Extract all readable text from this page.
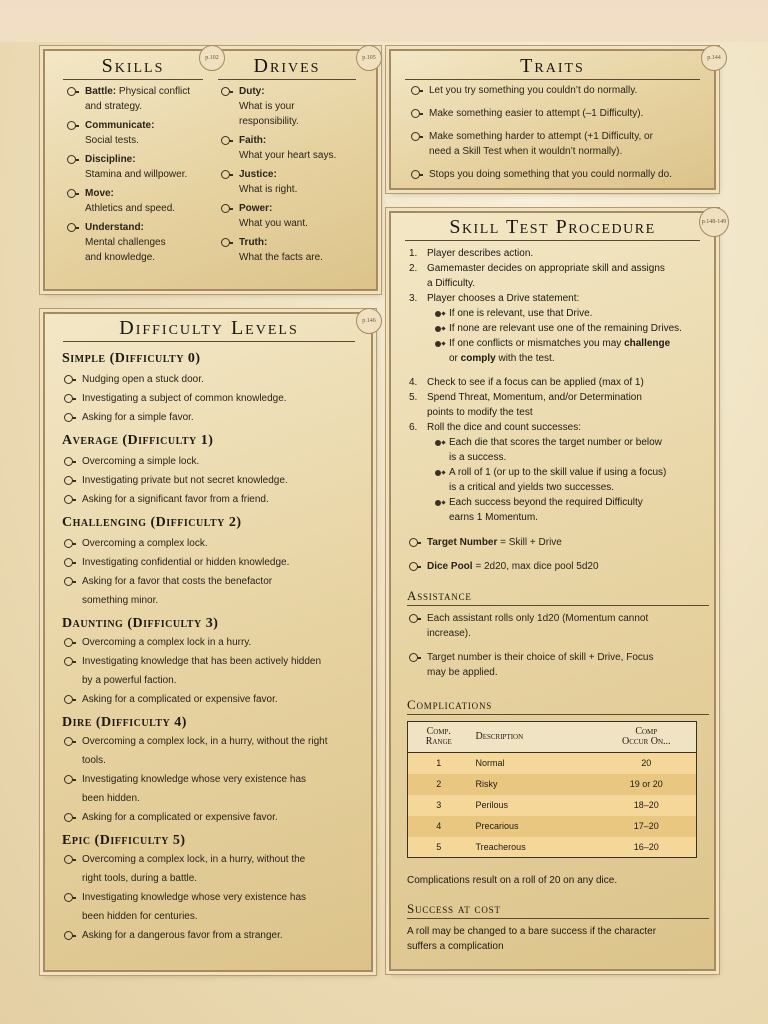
p.102	p.105
Skills	Drives
Battle: Physical conflict
and strategy.
Communicate:
Social tests.
Discipline:
Stamina and willpower.
Move:
Athletics and speed.
Understand:
Mental challenges
and knowledge.
Duty:
What is your
responsibility.
Faith:
What your heart says.
Justice:
What is right.
Power:
What you want.
Truth:
What the facts are.
p.144
Traits
Let you try something you couldn’t do normally.
Make something easier to attempt (–1 Difficulty).
Make something harder to attempt (+1 Difficulty, or
need a Skill Test when it wouldn’t normally).
Stops you doing something that you could normally do.
p.146
Difficulty Levels
Simple (Difficulty 0)
Nudging open a stuck door.
Investigating a subject of common knowledge.
Asking for a simple favor.
Average (Difficulty 1)
Overcoming a simple lock.
Investigating private but not secret knowledge.
Asking for a significant favor from a friend.
Challenging (Difficulty 2)
Overcoming a complex lock.
Investigating confidential or hidden knowledge.
Asking for a favor that costs the benefactor
something minor.
Daunting (Difficulty 3)
Overcoming a complex lock in a hurry.
Investigating knowledge that has been actively hidden
by a powerful faction.
Asking for a complicated or expensive favor.
Dire (Difficulty 4)
Overcoming a complex lock, in a hurry, without the right
tools.
Investigating knowledge whose very existence has
been hidden.
Asking for a complicated or expensive favor.
Epic (Difficulty 5)
Overcoming a complex lock, in a hurry, without the
right tools, during a battle.
Investigating knowledge whose very existence has
been hidden for centuries.
Asking for a dangerous favor from a stranger.
p.148-149
Skill Test Procedure
1. Player describes action.
2. Gamemaster decides on appropriate skill and assigns
a Difficulty.
3. Player chooses a Drive statement:
If one is relevant, use that Drive.
If none are relevant use one of the remaining Drives.
If one conflicts or mismatches you may challenge
or comply with the test.
4. Check to see if a focus can be applied (max of 1)
5. Spend Threat, Momentum, and/or Determination
points to modify the test
6. Roll the dice and count successes:
Each die that scores the target number or below
is a success.
A roll of 1 (or up to the skill value if using a focus)
is a critical and yields two successes.
Each success beyond the required Difficulty
earns 1 Momentum.
Target Number = Skill + Drive
Dice Pool = 2d20, max dice pool 5d20
Assistance
Each assistant rolls only 1d20 (Momentum cannot
increase).
Target number is their choice of skill + Drive, Focus
may be applied.
Complications
Comp.
Range	Description	Comp
Occur On...
1	Normal	20
2	Risky	19 or 20
3	Perilous	18–20
4	Precarious	17–20
5	Treacherous	16–20
Complications result on a roll of 20 on any dice.
Success at cost
A roll may be changed to a bare success if the character
suffers a complication
